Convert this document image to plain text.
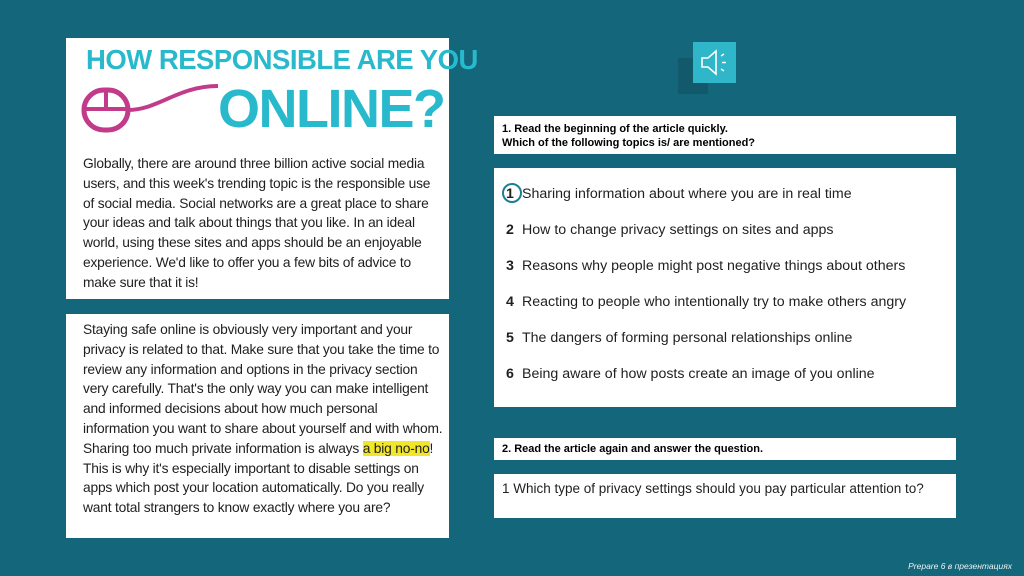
HOW RESPONSIBLE ARE YOU
ONLINE?

Globally, there are around three billion active social media users, and this week's trending topic is the responsible use of social media. Social networks are a great place to share your ideas and talk about things that you like. In an ideal world, using these sites and apps should be an enjoyable experience. We'd like to offer you a few bits of advice to make sure that it is!

Staying safe online is obviously very important and your privacy is related to that. Make sure that you take the time to review any information and options in the privacy section very carefully. That's the only way you can make intelligent and informed decisions about how much personal information you want to share about yourself and with whom. Sharing too much private information is always a big no-no! This is why it's especially important to disable settings on apps which post your location automatically. Do you really want total strangers to know exactly where you are?

1. Read the beginning of the article quickly.

Which of the following topics is/ are mentioned?

1 Sharing information about where you are in real time
2 How to change privacy settings on sites and apps
3 Reasons why people might post negative things about others
4 Reacting to people who intentionally try to make others angry
5 The dangers of forming personal relationships online
6 Being aware of how posts create an image of you online

2. Read the article again and answer the question.

1 Which type of privacy settings should you pay particular attention to?

Prepare 6 в презентациях
